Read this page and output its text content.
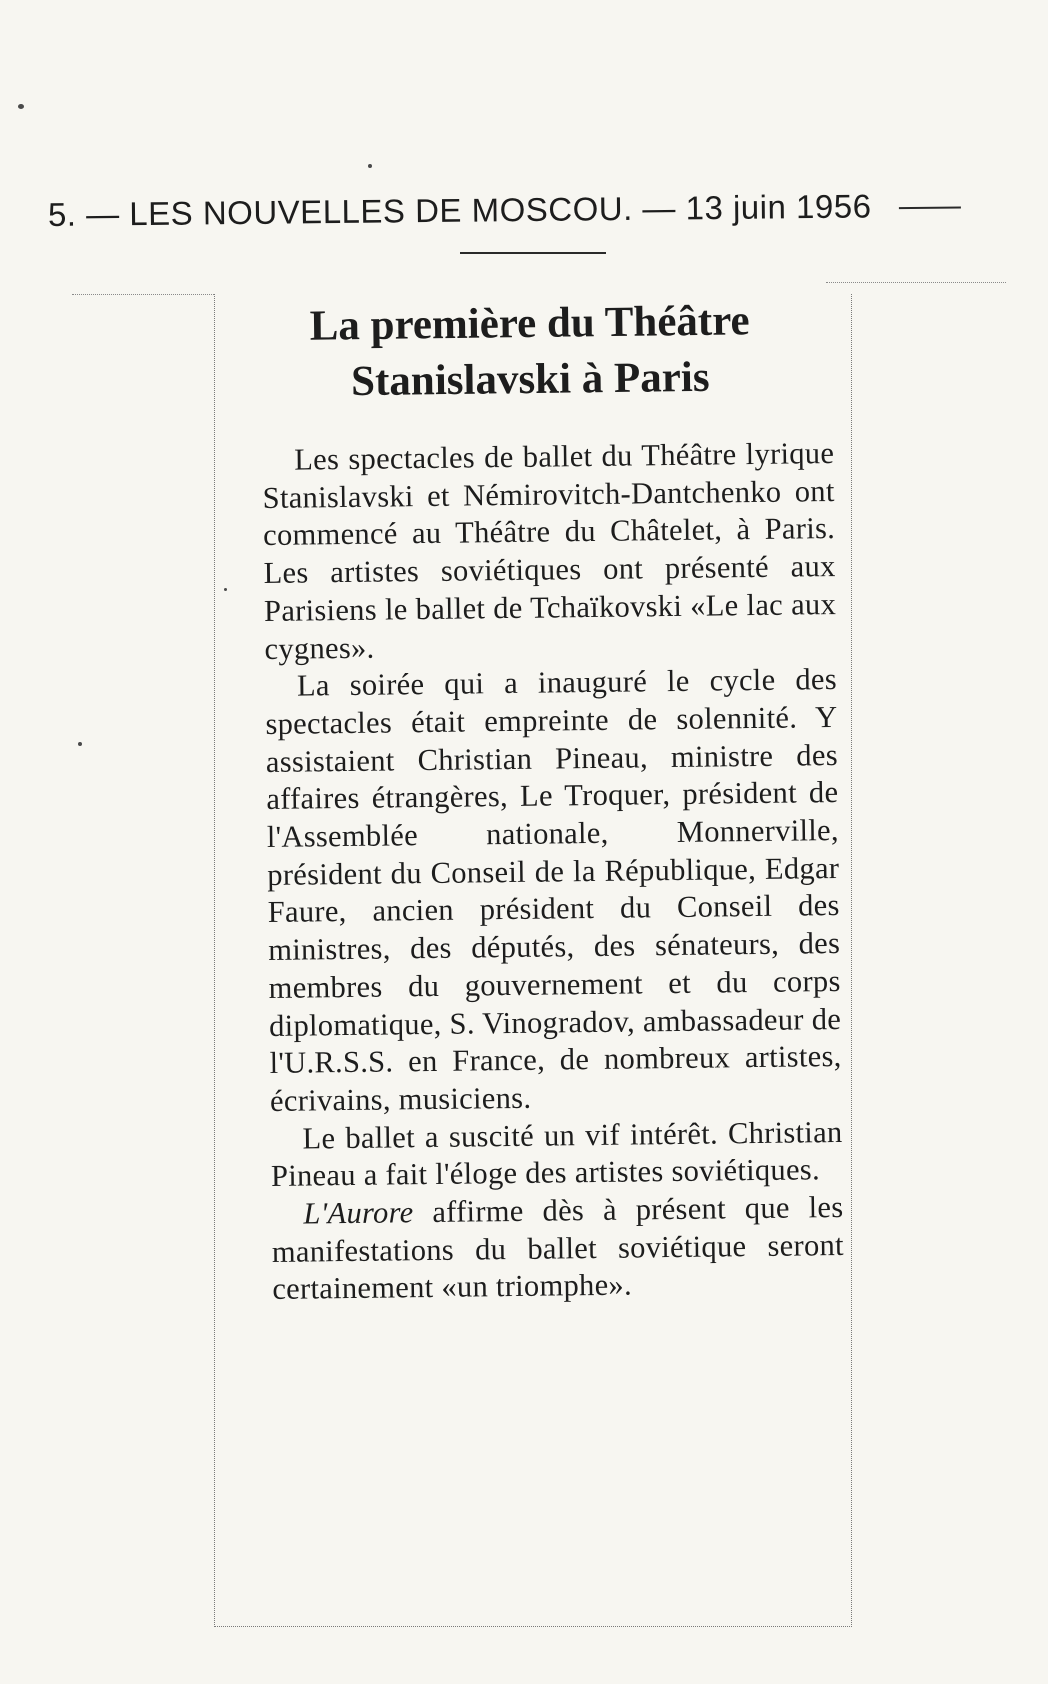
5. — LES NOUVELLES DE MOSCOU. — 13 juin 1956
La première du Théâtre
Stanislavski à Paris

Les spectacles de ballet du Théâtre lyrique Stanislavski et Némirovitch-Dantchenko ont commencé au Théâtre du Châtelet, à Paris. Les artistes soviétiques ont présenté aux Parisiens le ballet de Tchaïkovski «Le lac aux cygnes».

La soirée qui a inauguré le cycle des spectacles était empreinte de solennité. Y assistaient Christian Pineau, ministre des affaires étrangères, Le Troquer, président de l'Assemblée nationale, Monnerville, président du Conseil de la République, Edgar Faure, ancien président du Conseil des ministres, des députés, des sénateurs, des membres du gouvernement et du corps diplomatique, S. Vinogradov, ambassadeur de l'U.R.S.S. en France, de nombreux artistes, écrivains, musiciens.

Le ballet a suscité un vif intérêt. Christian Pineau a fait l'éloge des artistes soviétiques.

L'Aurore affirme dès à présent que les manifestations du ballet soviétique seront certainement «un triomphe».
